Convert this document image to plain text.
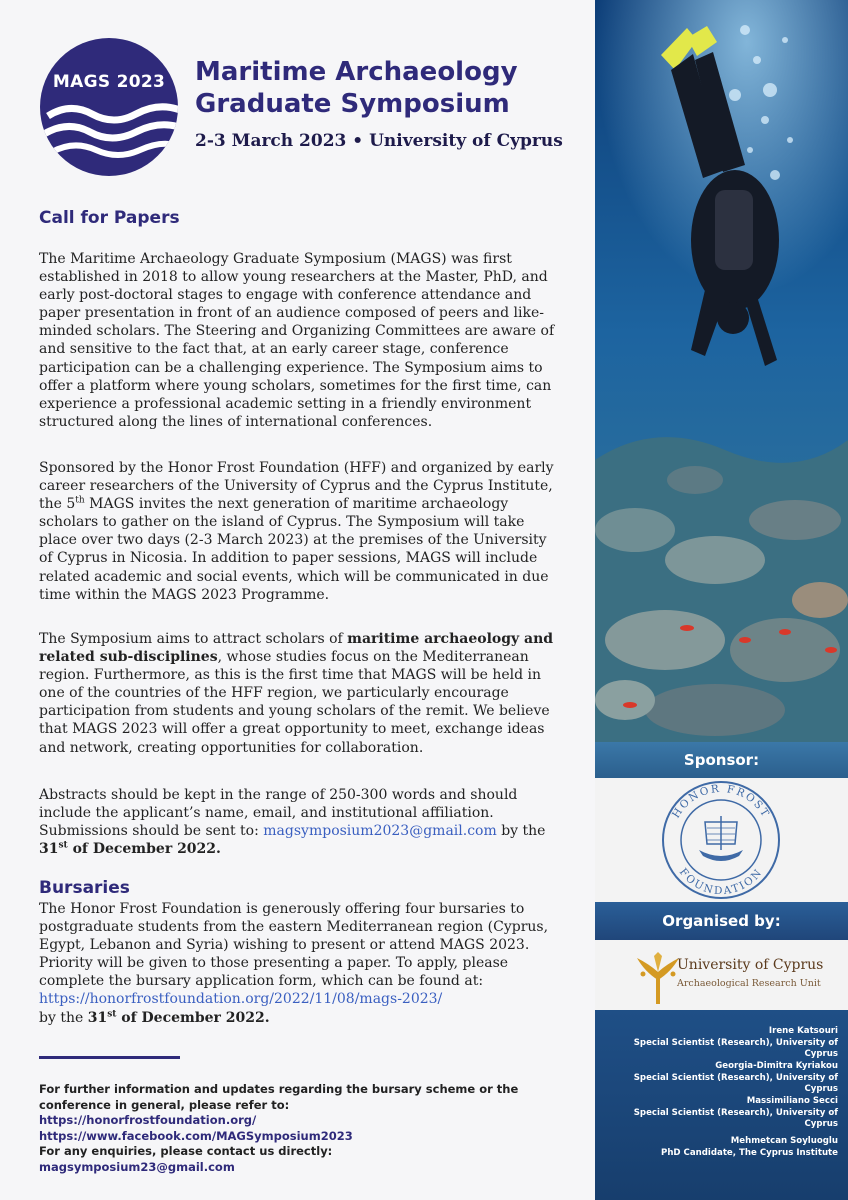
MAGS 2023	Maritime Archaeology
Graduate Symposium
2-3 March 2023 • University of Cyprus
Call for Papers
The Maritime Archaeology Graduate Symposium (MAGS) was first established in 2018 to allow young researchers at the Master, PhD, and early post-doctoral stages to engage with conference attendance and paper presentation in front of an audience composed of peers and like-minded scholars. The Steering and Organizing Committees are aware of and sensitive to the fact that, at an early career stage, conference participation can be a challenging experience. The Symposium aims to offer a platform where young scholars, sometimes for the first time, can experience a professional academic setting in a friendly environment structured along the lines of international conferences.
Sponsored by the Honor Frost Foundation (HFF) and organized by early career researchers of the University of Cyprus and the Cyprus Institute, the 5th MAGS invites the next generation of maritime archaeology scholars to gather on the island of Cyprus. The Symposium will take place over two days (2-3 March 2023) at the premises of the University of Cyprus in Nicosia. In addition to paper sessions, MAGS will include related academic and social events, which will be communicated in due time within the MAGS 2023 Programme.
The Symposium aims to attract scholars of maritime archaeology and related sub-disciplines, whose studies focus on the Mediterranean region. Furthermore, as this is the first time that MAGS will be held in one of the countries of the HFF region, we particularly encourage participation from students and young scholars of the remit. We believe that MAGS 2023 will offer a great opportunity to meet, exchange ideas and network, creating opportunities for collaboration.
Abstracts should be kept in the range of 250-300 words and should include the applicant’s name, email, and institutional affiliation. Submissions should be sent to: magsymposium2023@gmail.com by the 31st of December 2022.
Bursaries
The Honor Frost Foundation is generously offering four bursaries to postgraduate students from the eastern Mediterranean region (Cyprus, Egypt, Lebanon and Syria) wishing to present or attend MAGS 2023. Priority will be given to those presenting a paper. To apply, please complete the bursary application form, which can be found at:
https://honorfrostfoundation.org/2022/11/08/mags-2023/
by the 31st of December 2022.
For further information and updates regarding the bursary scheme or the conference in general, please refer to:
https://honorfrostfoundation.org/
https://www.facebook.com/MAGSymposium2023
For any enquiries, please contact us directly:
magsymposium23@gmail.com
Sponsor:
HONOR FROST
FOUNDATION
Organised by:
University of Cyprus
Archaeological Research Unit
Irene Katsouri
Special Scientist (Research), University of Cyprus
Georgia-Dimitra Kyriakou
Special Scientist (Research), University of Cyprus
Massimiliano Secci
Special Scientist (Research), University of Cyprus
Mehmetcan Soyluoglu
PhD Candidate, The Cyprus Institute
